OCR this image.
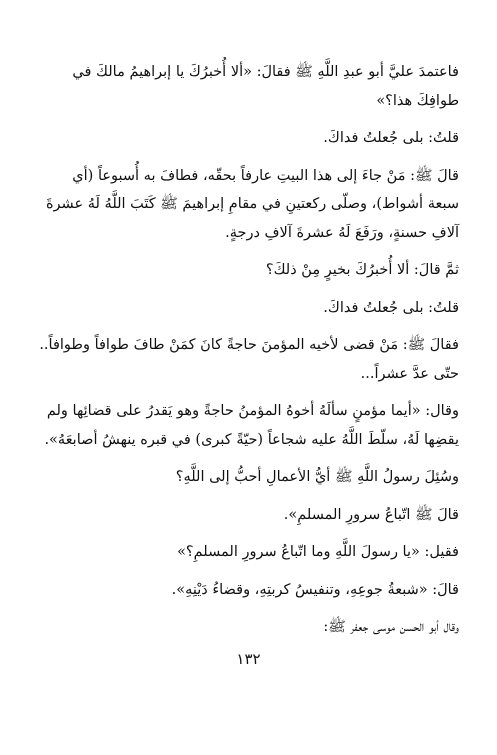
فاعتمدَ عليَّ أبو عبدِ اللَّهِ ﷺ فقالَ: «ألا أُخبرُكَ يا إبراهيمُ مالكَ في طوافِكَ هذا؟»

قلتُ: بلى جُعلتُ فداكَ.

قالَ ﷺ: مَنْ جاءَ إلى هذا البيتِ عارفاً بحقّه، فطافَ به أُسبوعاً (أي سبعة أشواط)، وصلّى ركعتينِ في مقامِ إبراهيمَ ﷺ كَتَبَ اللَّهُ لَهُ عشرةَ آلافِ حسنةٍ، ورَفَعَ لَهُ عشرةَ آلافِ درجةٍ.

ثمَّ قالَ: ألا أُخبرُكَ بخيرٍ مِنْ ذلكَ؟

قلتُ: بلى جُعلتُ فداكَ.

فقالَ ﷺ: مَنْ قضى لأخيه المؤمنَ حاجةً كانَ كمَنْ طافَ طوافاً وطوافاً.. حتّى عدَّ عشراً...

وقال: «أيما مؤمنٍ سألَهُ أخوهُ المؤمنُ حاجةً وهو يَقدرُ على قضائِها ولم يقضِها لَهُ، سلّطَ اللَّهُ عليه شجاعاً (حيّةً كبرى) في قبره ينهشُ أصابعَهُ».

وسُئِلَ رسولُ اللَّهِ ﷺ أيُّ الأعمالِ أحبُّ إلى اللَّهِ؟

قالَ ﷺ اتّباعُ سرورِ المسلمِ».

فقيل: «يا رسولَ اللَّهِ وما اتّباعُ سرورِ المسلمِ؟»

قالَ: «شبعةُ جوعِهِ، وتنفيسُ كربتِهِ، وقضاءُ دَيْنِهِ».

وقال أبو الحسن موسى جعفر ﷺ:

١٣٢
